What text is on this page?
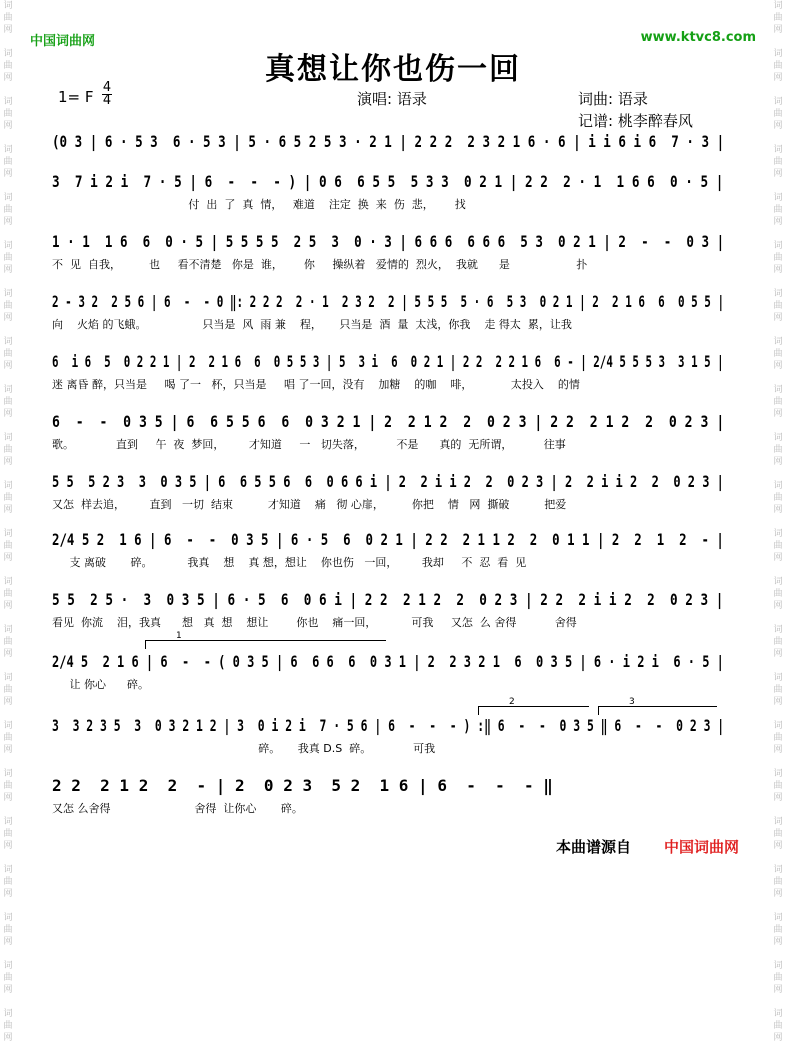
词
曲
网

词
曲
网

词
曲
网

词
曲
网

词
曲
网

词
曲
网

词
曲
网

词
曲
网

词
曲
网

词
曲
网

词
曲
网

词
曲
网

词
曲
网

词
曲
网

词
曲
网

词
曲
网

词
曲
网

词
曲
网

词
曲
网

词
曲
网

词
曲
网

词
曲
网
词
曲
网

词
曲
网

词
曲
网

词
曲
网

词
曲
网

词
曲
网

词
曲
网

词
曲
网

词
曲
网

词
曲
网

词
曲
网

词
曲
网

词
曲
网

词
曲
网

词
曲
网

词
曲
网

词
曲
网

词
曲
网

词
曲
网

词
曲
网

词
曲
网

词
曲
网
中国词曲网	www.ktvc8.com
真想让你也伤一回
1= F
4
4	演唱: 语录	词曲: 语录
记谱: 桃李醉春风
(0 3 | 6 · 5 3  6 · 5 3 | 5 · 6 5 2 5 3 · 2 1 | 2 2 2  2 3 2 1 6 · 6 | i i 6 i 6  7 · 3 |
3  7 i 2 i  7 · 5 | 6  -  -  - ) | 0 6  6 5 5  5 3 3  0 2 1 | 2 2  2 · 1  1 6 6  0 · 5 |
付  出  了  真  情，   难道    注定  换  来  伤  悲，      找
1 · 1  1 6  6  0 · 5 | 5 5 5 5  2 5  3  0 · 3 | 6 6 6  6 6 6  5 3  0 2 1 | 2  -  -  0 3 |
不  见  自我，        也     看不清楚   你是  谁，      你     操纵着   爱情的  烈火，  我就      是                   扑
2 - 3 2  2 5 6 | 6  -  - 0 ‖: 2 2 2  2 · 1  2 3 2  2 | 5 5 5  5 · 6  5 3  0 2 1 | 2  2 1 6  6  0 5 5 |
向    火焰 的飞蛾。                只当是  风  雨 兼    程，     只当是  酒  量  太浅，你我    走 得太  累，让我
6  i 6  5  0 2 2 1 | 2  2 1 6  6  0 5 5 3 | 5  3 i  6  0 2 1 | 2 2  2 2 1 6  6 - | 2/4 5 5 5 3  3 1 5 |
迷 离昏 醉，只当是     喝 了一   杯，只当是     唱 了一回，没有    加糖    的咖    啡，           太投入    的情
6  -  -  0 3 5 | 6  6 5 5 6  6  0 3 2 1 | 2  2 1 2  2  0 2 3 | 2 2  2 1 2  2  0 2 3 |
歌。            直到     午  夜  梦回，       才知道     一   切失落，         不是      真的  无所谓，         往事
5 5  5 2 3  3  0 3 5 | 6  6 5 5 6  6  0 6 6 i | 2  2 i i 2  2  0 2 3 | 2  2 i i 2  2  0 2 3 |
又怎  样去追，       直到   一切  结束          才知道    痛   彻 心扉，        你把    情   网  撕破          把爱
2/4 5 2  1 6 | 6  -  -  0 3 5 | 6 · 5  6  0 2 1 | 2 2  2 1 1 2  2  0 1 1 | 2  2  1  2  - |
支 离破       碎。          我真    想    真 想，想让    你也伤   一回，       我却     不  忍  看  见
5 5  2 5 ·  3  0 3 5 | 6 · 5  6  0 6 i | 2 2  2 1 2  2  0 2 3 | 2 2  2 i i 2  2  0 2 3 |
看见  你流    泪，我真      想   真  想    想让        你也    痛一回，          可我     又怎  么 舍得           舍得
2/4 5  2 1 6 | 6  -  - ( 0 3 5 | 6  6 6  6  0 3 1 | 2  2 3 2 1  6  0 3 5 | 6 · i 2 i  6 · 5 |
让 你心      碎。
3  3 2 3 5  3  0 3 2 1 2 | 3  0 i 2 i  7 · 5 6 | 6  -  -  - ) :‖ 6  -  -  0 3 5 ‖ 6  -  -  0 2 3 |
碎。     我真 D.S  碎。            可我
2 2  2 1 2  2  - | 2  0 2 3  5 2  1 6 | 6  -  -  - ‖
又怎 么舍得                        舍得  让你心       碎。
1
2	3
本曲谱源自 中国词曲网
